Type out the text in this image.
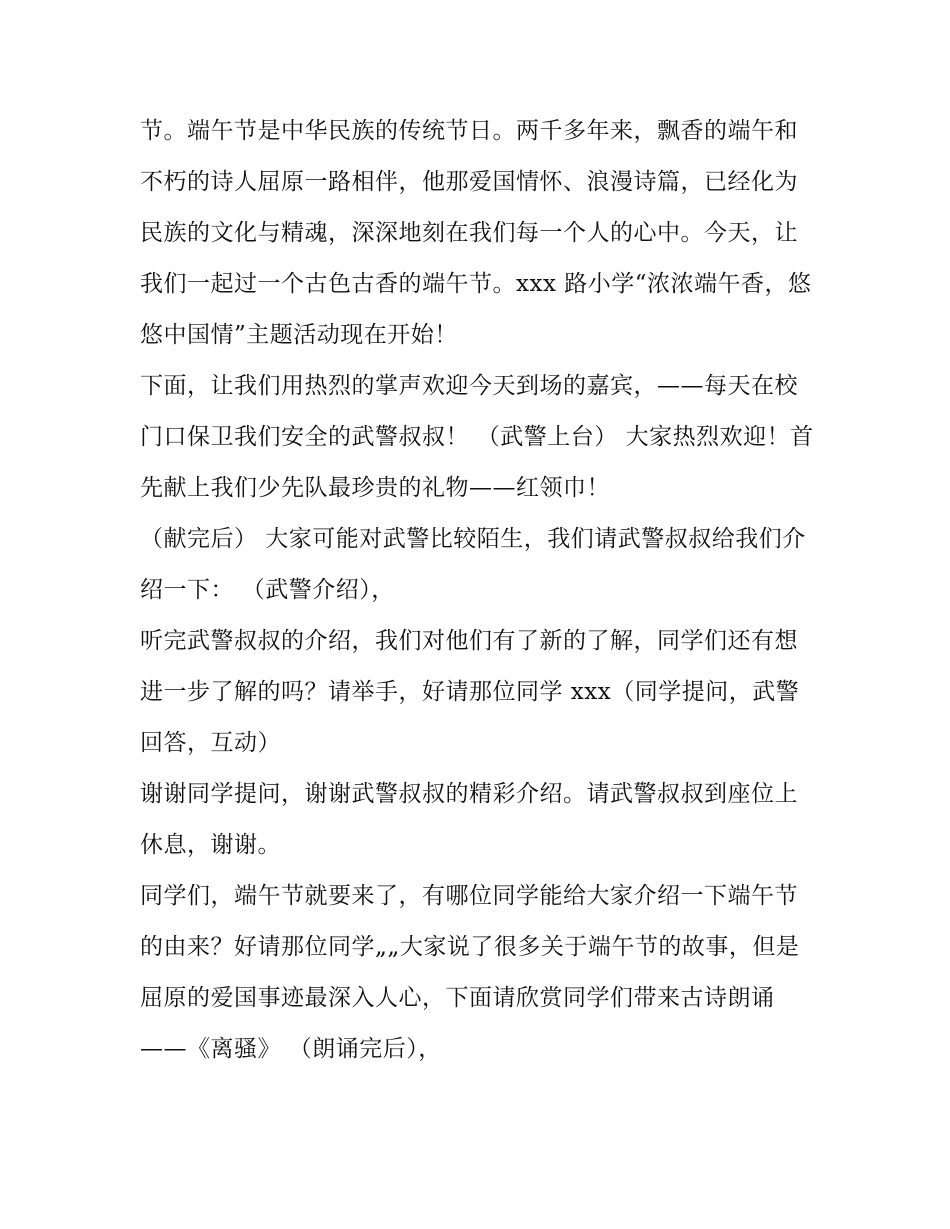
节。端午节是中华民族的传统节日。两千多年来，飘香的端午和不朽的诗人屈原一路相伴，他那爱国情怀、浪漫诗篇，已经化为民族的文化与精魂，深深地刻在我们每一个人的心中。今天，让我们一起过一个古色古香的端午节。xxx 路小学“浓浓端午香，悠悠中国情”主题活动现在开始！

下面，让我们用热烈的掌声欢迎今天到场的嘉宾，——每天在校门口保卫我们安全的武警叔叔！ （武警上台） 大家热烈欢迎！首先献上我们少先队最珍贵的礼物——红领巾！

（献完后） 大家可能对武警比较陌生，我们请武警叔叔给我们介绍一下： （武警介绍），

听完武警叔叔的介绍，我们对他们有了新的了解，同学们还有想进一步了解的吗？请举手，好请那位同学 xxx（同学提问，武警回答，互动）

谢谢同学提问，谢谢武警叔叔的精彩介绍。请武警叔叔到座位上休息，谢谢。

同学们，端午节就要来了，有哪位同学能给大家介绍一下端午节的由来？好请那位同学„„大家说了很多关于端午节的故事，但是屈原的爱国事迹最深入人心，下面请欣赏同学们带来古诗朗诵

——《离骚》 （朗诵完后），
